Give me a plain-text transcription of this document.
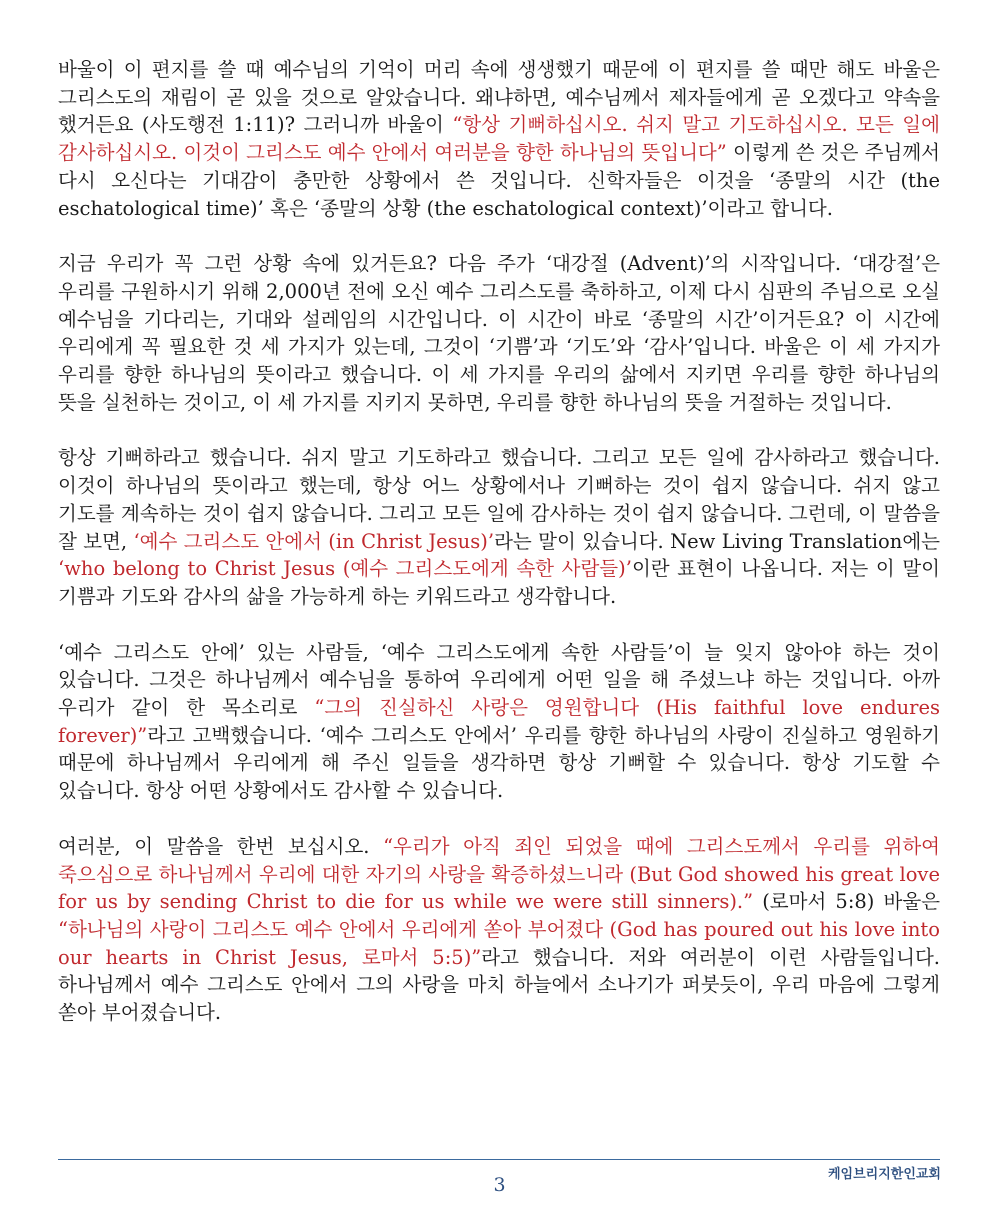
바울이 이 편지를 쓸 때 예수님의 기억이 머리 속에 생생했기 때문에 이 편지를 쓸 때만 해도 바울은 그리스도의 재림이 곧 있을 것으로 알았습니다. 왜냐하면, 예수님께서 제자들에게 곧 오겠다고 약속을 했거든요 (사도행전 1:11)? 그러니까 바울이 “항상 기뻐하십시오. 쉬지 말고 기도하십시오. 모든 일에 감사하십시오. 이것이 그리스도 예수 안에서 여러분을 향한 하나님의 뜻입니다” 이렇게 쓴 것은 주님께서 다시 오신다는 기대감이 충만한 상황에서 쓴 것입니다. 신학자들은 이것을 ‘종말의 시간 (the eschatological time)’ 혹은 ‘종말의 상황 (the eschatological context)’이라고 합니다.

지금 우리가 꼭 그런 상황 속에 있거든요? 다음 주가 ‘대강절 (Advent)’의 시작입니다. ‘대강절’은 우리를 구원하시기 위해 2,000년 전에 오신 예수 그리스도를 축하하고, 이제 다시 심판의 주님으로 오실 예수님을 기다리는, 기대와 설레임의 시간입니다. 이 시간이 바로 ‘종말의 시간’이거든요? 이 시간에 우리에게 꼭 필요한 것 세 가지가 있는데, 그것이 ‘기쁨’과 ‘기도’와 ‘감사’입니다. 바울은 이 세 가지가 우리를 향한 하나님의 뜻이라고 했습니다. 이 세 가지를 우리의 삶에서 지키면 우리를 향한 하나님의 뜻을 실천하는 것이고, 이 세 가지를 지키지 못하면, 우리를 향한 하나님의 뜻을 거절하는 것입니다.

항상 기뻐하라고 했습니다. 쉬지 말고 기도하라고 했습니다. 그리고 모든 일에 감사하라고 했습니다. 이것이 하나님의 뜻이라고 했는데, 항상 어느 상황에서나 기뻐하는 것이 쉽지 않습니다. 쉬지 않고 기도를 계속하는 것이 쉽지 않습니다. 그리고 모든 일에 감사하는 것이 쉽지 않습니다. 그런데, 이 말씀을 잘 보면, ‘예수 그리스도 안에서 (in Christ Jesus)’라는 말이 있습니다. New Living Translation에는 ‘who belong to Christ Jesus (예수 그리스도에게 속한 사람들)’이란 표현이 나옵니다. 저는 이 말이 기쁨과 기도와 감사의 삶을 가능하게 하는 키워드라고 생각합니다.

‘예수 그리스도 안에’ 있는 사람들, ‘예수 그리스도에게 속한 사람들’이 늘 잊지 않아야 하는 것이 있습니다. 그것은 하나님께서 예수님을 통하여 우리에게 어떤 일을 해 주셨느냐 하는 것입니다. 아까 우리가 같이 한 목소리로 “그의 진실하신 사랑은 영원합니다 (His faithful love endures forever)”라고 고백했습니다. ‘예수 그리스도 안에서’ 우리를 향한 하나님의 사랑이 진실하고 영원하기 때문에 하나님께서 우리에게 해 주신 일들을 생각하면 항상 기뻐할 수 있습니다. 항상 기도할 수 있습니다. 항상 어떤 상황에서도 감사할 수 있습니다.

여러분, 이 말씀을 한번 보십시오. “우리가 아직 죄인 되었을 때에 그리스도께서 우리를 위하여 죽으심으로 하나님께서 우리에 대한 자기의 사랑을 확증하셨느니라 (But God showed his great love for us by sending Christ to die for us while we were still sinners).” (로마서 5:8) 바울은 “하나님의 사랑이 그리스도 예수 안에서 우리에게 쏟아 부어졌다 (God has poured out his love into our hearts in Christ Jesus, 로마서 5:5)”라고 했습니다. 저와 여러분이 이런 사람들입니다. 하나님께서 예수 그리스도 안에서 그의 사랑을 마치 하늘에서 소나기가 퍼붓듯이, 우리 마음에 그렇게 쏟아 부어졌습니다.

케임브리지한인교회
3
